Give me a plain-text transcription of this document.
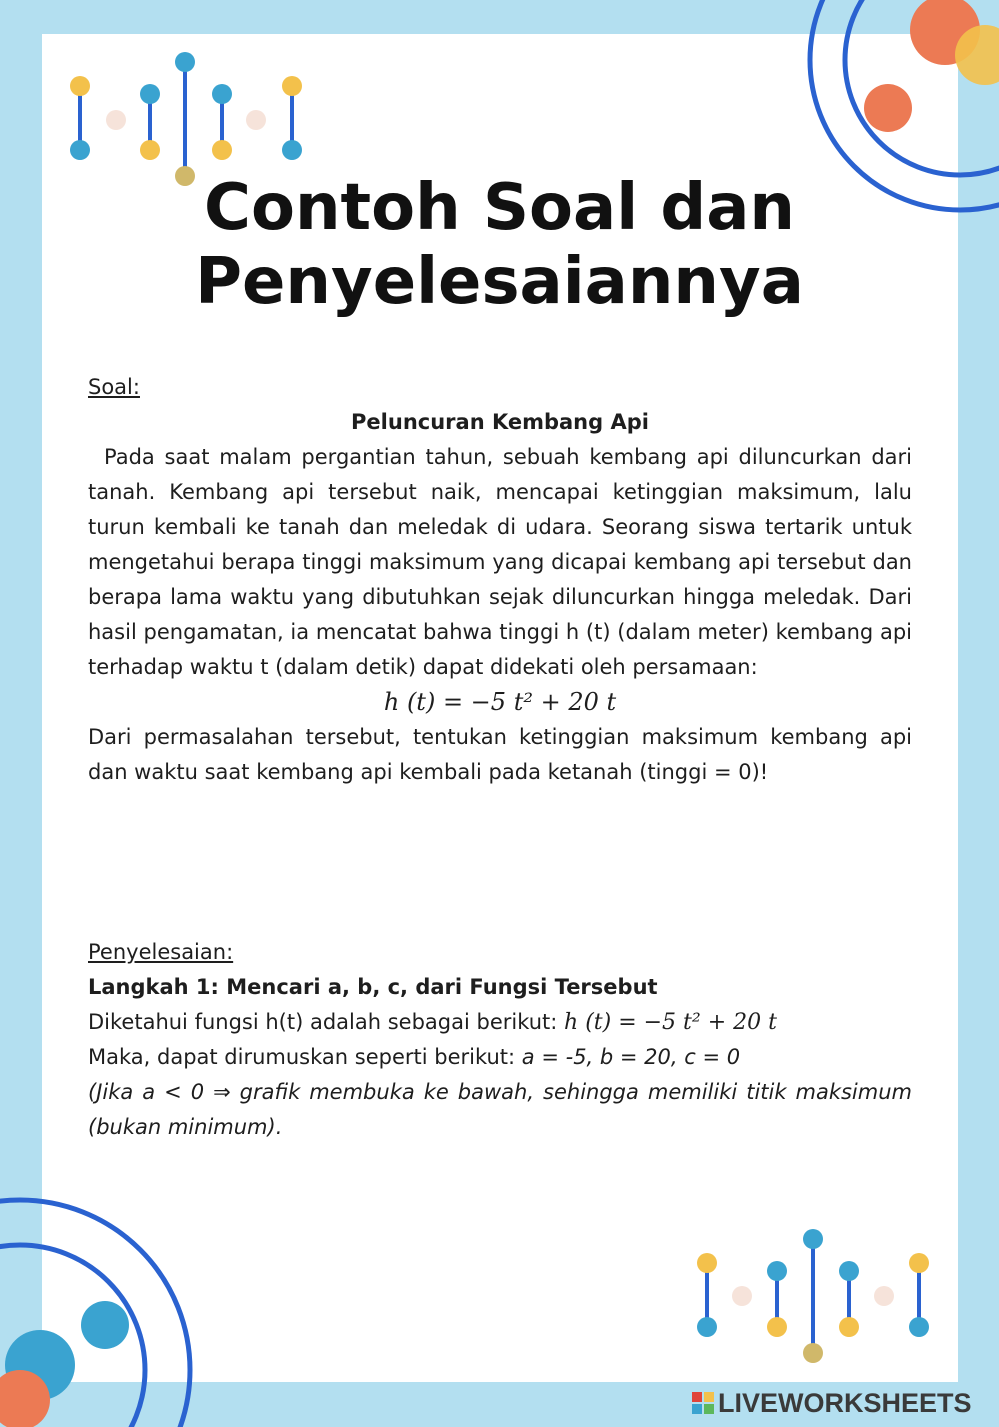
Contoh Soal dan
Penyelesaiannya
Soal:
Peluncuran Kembang Api
Pada saat malam pergantian tahun, sebuah kembang api diluncurkan dari tanah. Kembang api tersebut naik, mencapai ketinggian maksimum, lalu turun kembali ke tanah dan meledak di udara. Seorang siswa tertarik untuk mengetahui berapa tinggi maksimum yang dicapai kembang api tersebut dan berapa lama waktu yang dibutuhkan sejak diluncurkan hingga meledak. Dari hasil pengamatan, ia mencatat bahwa tinggi h (t) (dalam meter) kembang api terhadap waktu t (dalam detik) dapat didekati oleh persamaan:
h (t) = −5 t² + 20 t
Dari permasalahan tersebut, tentukan ketinggian maksimum kembang api dan waktu saat kembang api kembali pada ketanah (tinggi = 0)!
Penyelesaian:
Langkah 1: Mencari a, b, c, dari Fungsi Tersebut
Diketahui fungsi h(t) adalah sebagai berikut: h (t) = −5 t² + 20 t
Maka, dapat dirumuskan seperti berikut: a = -5, b = 20, c = 0
(Jika a < 0 ⇒ grafik membuka ke bawah, sehingga memiliki titik maksimum (bukan minimum).
LIVEWORKSHEETS
